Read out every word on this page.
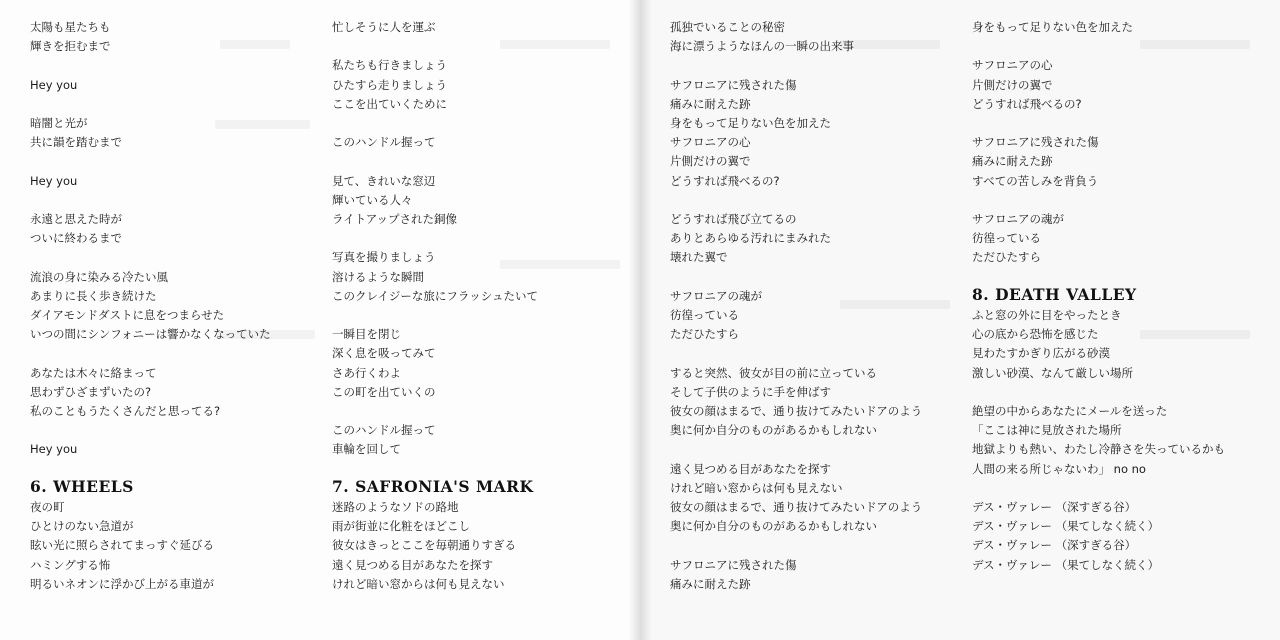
太陽も星たちも
輝きを拒むまで
Hey you
暗闇と光が
共に韻を踏むまで
Hey you
永遠と思えた時が
ついに終わるまで
流浪の身に染みる冷たい風
あまりに長く歩き続けた
ダイアモンドダストに息をつまらせた
いつの間にシンフォニーは響かなくなっていた
あなたは木々に絡まって
思わずひざまずいたの?
私のこともうたくさんだと思ってる?
Hey you
6. WHEELS
夜の町
ひとけのない急道が
眩い光に照らされてまっすぐ延びる
ハミングする怖
明るいネオンに浮かび上がる車道が
忙しそうに人を運ぶ
私たちも行きましょう
ひたすら走りましょう
ここを出ていくために
このハンドル握って
見て、きれいな窓辺
輝いている人々
ライトアップされた銅像
写真を撮りましょう
溶けるような瞬間
このクレイジーな旅にフラッシュたいて
一瞬目を閉じ
深く息を吸ってみて
さあ行くわよ
この町を出ていくの
このハンドル握って
車輪を回して
7. SAFRONIA'S MARK
迷路のようなソドの路地
雨が街並に化粧をほどこし
彼女はきっとここを毎朝通りすぎる
遠く見つめる目があなたを探す
けれど暗い窓からは何も見えない
孤独でいることの秘密
海に漂うようなほんの一瞬の出来事
サフロニアに残された傷
痛みに耐えた跡
身をもって足りない色を加えた
サフロニアの心
片側だけの翼で
どうすれば飛べるの?
どうすれば飛び立てるの
ありとあらゆる汚れにまみれた
壊れた翼で
サフロニアの魂が
彷徨っている
ただひたすら
すると突然、彼女が目の前に立っている
そして子供のように手を伸ばす
彼女の顔はまるで、通り抜けてみたいドアのよう
奥に何か自分のものがあるかもしれない
遠く見つめる目があなたを探す
けれど暗い窓からは何も見えない
彼女の顔はまるで、通り抜けてみたいドアのよう
奥に何か自分のものがあるかもしれない
サフロニアに残された傷
痛みに耐えた跡
身をもって足りない色を加えた
サフロニアの心
片側だけの翼で
どうすれば飛べるの?
サフロニアに残された傷
痛みに耐えた跡
すべての苦しみを背負う
サフロニアの魂が
彷徨っている
ただひたすら
8. DEATH VALLEY
ふと窓の外に目をやったとき
心の底から恐怖を感じた
見わたすかぎり広がる砂漠
激しい砂漠、なんて厳しい場所
絶望の中からあなたにメールを送った
「ここは神に見放された場所
地獄よりも熱い、わたし冷静さを失っているかも
人間の来る所じゃないわ」 no no
デス・ヴァレー （深すぎる谷）
デス・ヴァレー （果てしなく続く）
デス・ヴァレー （深すぎる谷）
デス・ヴァレー （果てしなく続く）
